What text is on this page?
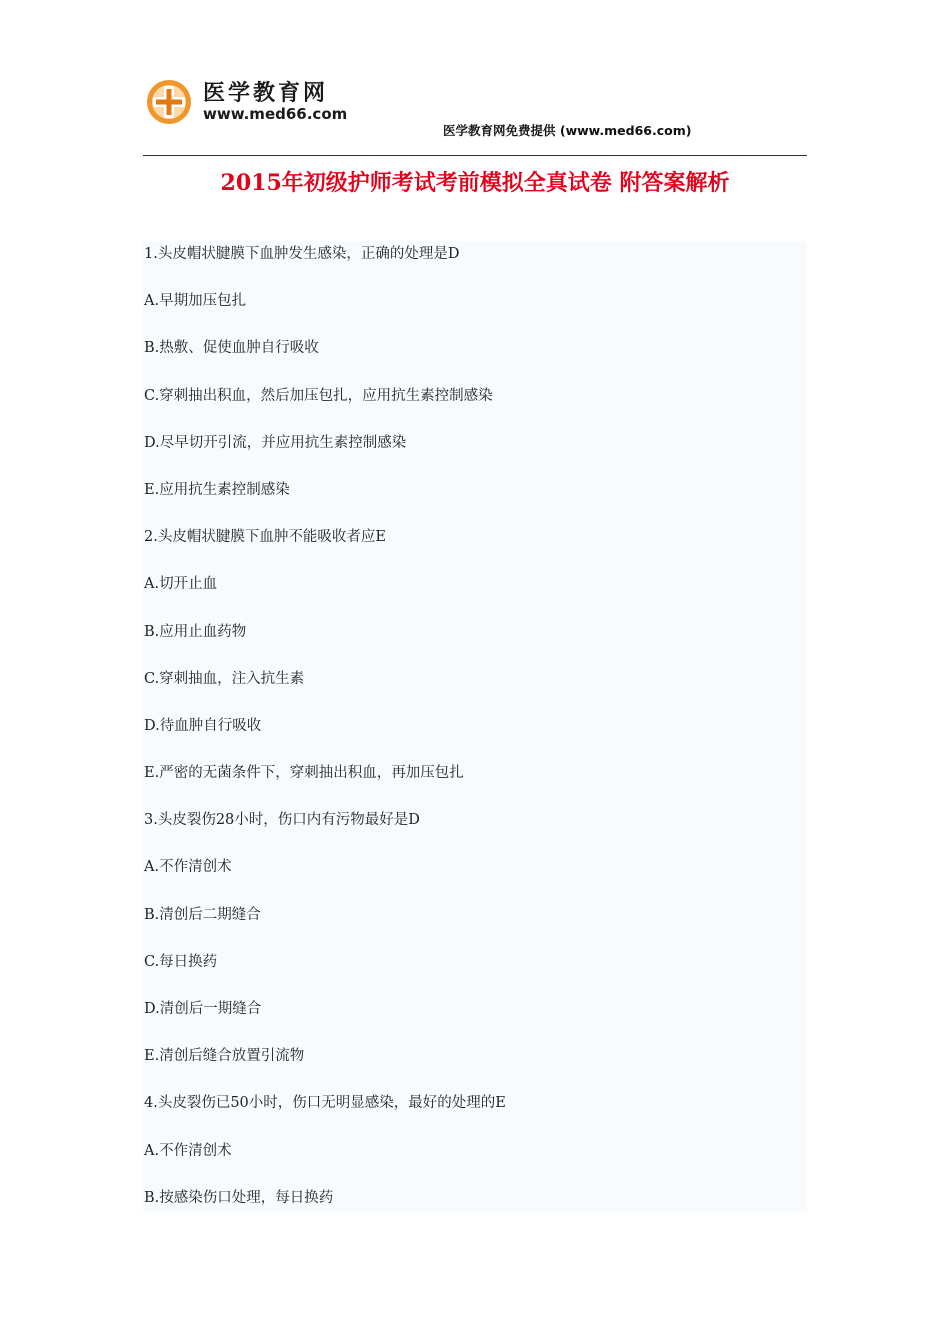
医学教育网
www.med66.com
医学教育网免费提供 (www.med66.com)
2015年初级护师考试考前模拟全真试卷 附答案解析
1.头皮帽状腱膜下血肿发生感染，正确的处理是D
A.早期加压包扎
B.热敷、促使血肿自行吸收
C.穿刺抽出积血，然后加压包扎，应用抗生素控制感染
D.尽早切开引流，并应用抗生素控制感染
E.应用抗生素控制感染
2.头皮帽状腱膜下血肿不能吸收者应E
A.切开止血
B.应用止血药物
C.穿刺抽血，注入抗生素
D.待血肿自行吸收
E.严密的无菌条件下，穿刺抽出积血，再加压包扎
3.头皮裂伤28小时，伤口内有污物最好是D
A.不作清创术
B.清创后二期缝合
C.每日换药
D.清创后一期缝合
E.清创后缝合放置引流物
4.头皮裂伤已50小时，伤口无明显感染，最好的处理的E
A.不作清创术
B.按感染伤口处理，每日换药
